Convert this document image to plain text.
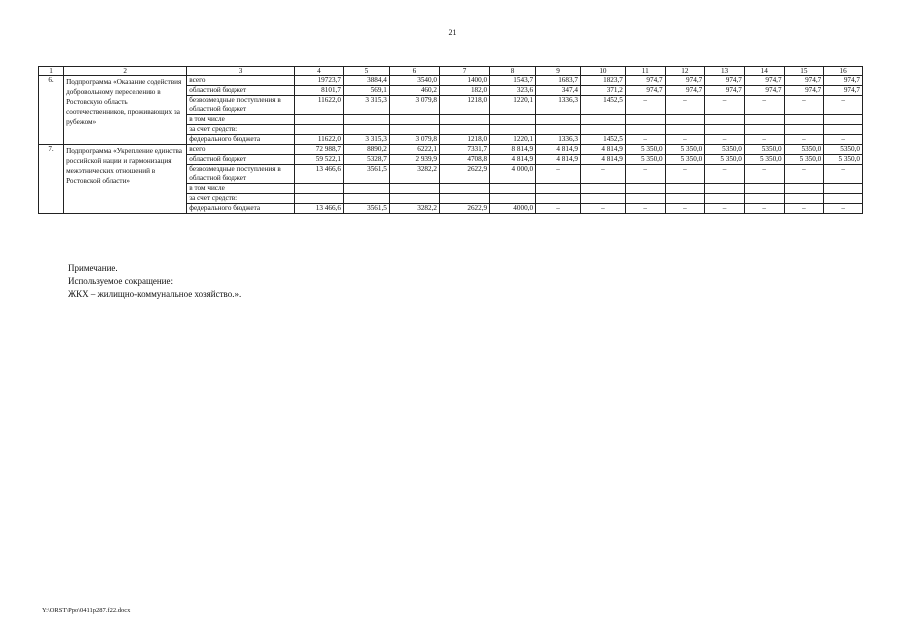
21
1	2	3	4	5	6	7	8	9	10	11	12	13	14	15	16
6.	Подпрограмма «Оказание содействия добровольному переселению в Ростовскую область соотечественников, проживающих за рубежом»	всего	19723,7	3884,4	3540,0	1400,0	1543,7	1683,7	1823,7	974,7	974,7	974,7	974,7	974,7	974,7
		областной бюджет	8101,7	569,1	460,2	182,0	323,6	347,4	371,2	974,7	974,7	974,7	974,7	974,7	974,7
		безвозмездные поступления в областной бюджет	11622,0	3 315,3	3 079,8	1218,0	1220,1	1336,3	1452,5	–	–	–	–	–	–
		в том числе													
		за счет средств:													
		федерального бюджета	11622,0	3 315,3	3 079,8	1218,0	1220,1	1336,3	1452,5	–	–	–	–	–	–
7.	Подпрограмма «Укрепление единства российской нации и гармонизация межэтнических отношений в Ростовской области»	всего	72 988,7	8890,2	6222,1	7331,7	8 814,9	4 814,9	4 814,9	5 350,0	5 350,0	5350,0	5350,0	5350,0	5350,0
		областной бюджет	59 522,1	5328,7	2 939,9	4708,8	4 814,9	4 814,9	4 814,9	5 350,0	5 350,0	5 350,0	5 350,0	5 350,0	5 350,0
		безвозмездные поступления в областной бюджет	13 466,6	3561,5	3282,2	2622,9	4 000,0	–	–	–	–	–	–	–	–
		в том числе													
		за счет средств:													
		федерального бюджета	13 466,6	3561,5	3282,2	2622,9	4000,0	–	–	–	–	–	–	–	–
Примечание.
Используемое сокращение:
ЖКХ – жилищно-коммунальное хозяйство.».
Y:\ORST\Ppo\0411p287.f22.docx
